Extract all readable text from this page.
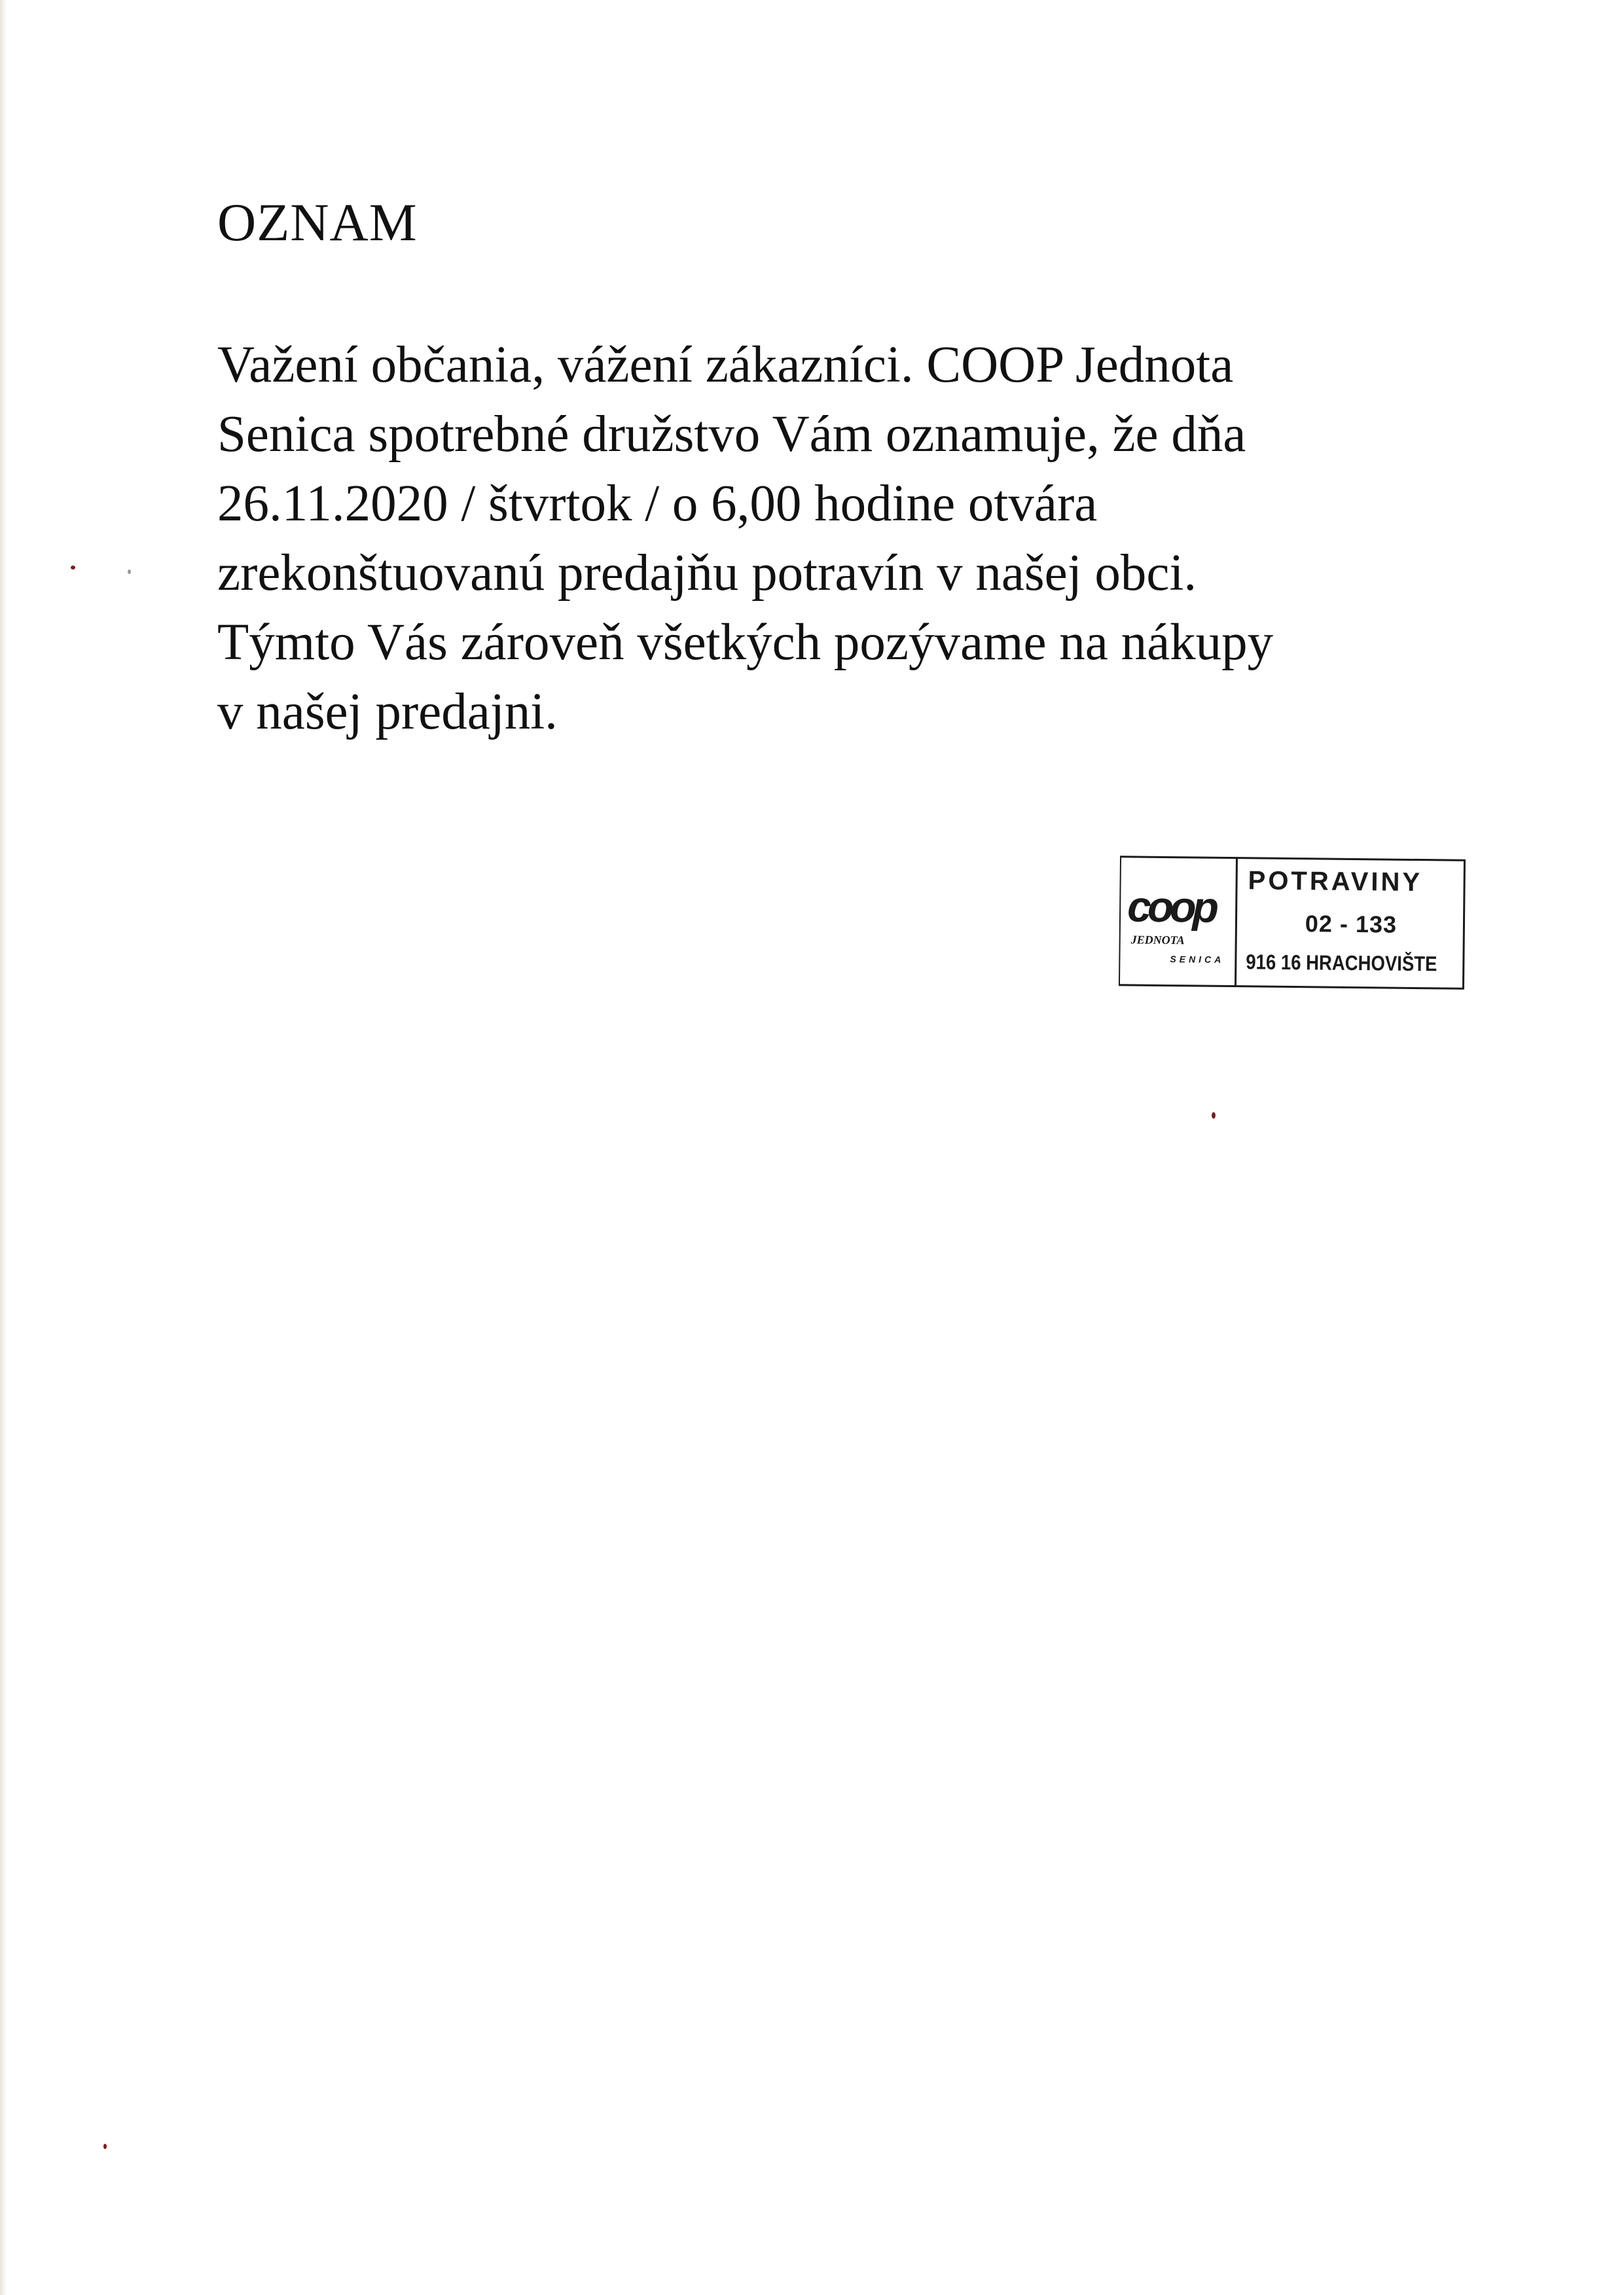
OZNAM

Važení občania, vážení zákazníci. COOP Jednota
Senica spotrebné družstvo Vám oznamuje, že dňa
26.11.2020 / štvrtok / o 6,00 hodine otvára
zrekonštuovanú predajňu potravín v našej obci.
Týmto Vás zároveň všetkých pozývame na nákupy
v našej predajni.

coop
JEDNOTA
SENICA
POTRAVINY
02 - 133
916 16 HRACHOVIŠTE
